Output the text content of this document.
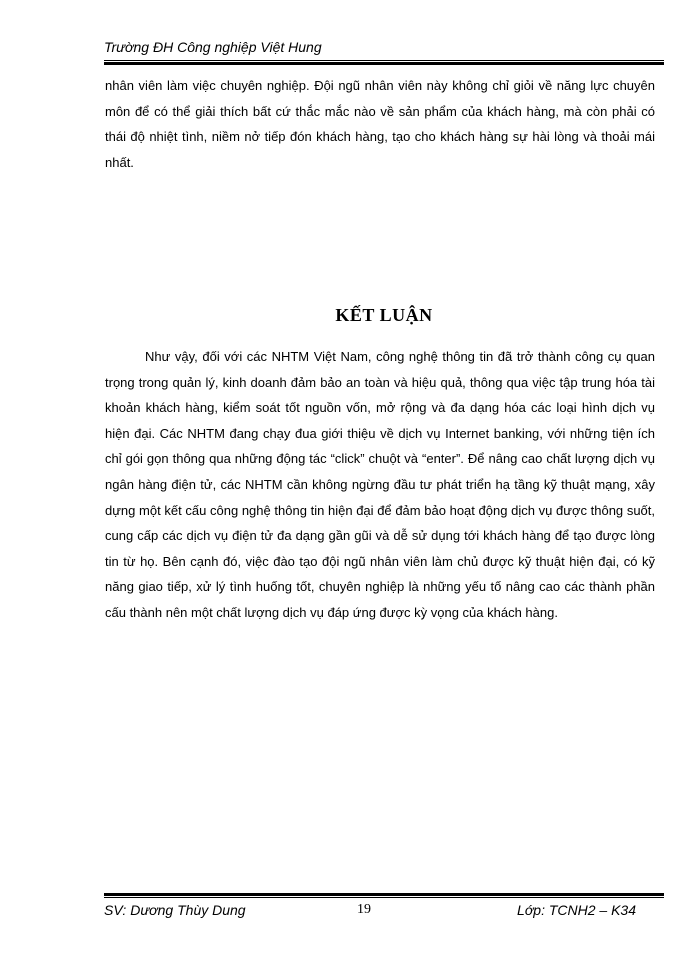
Trường ĐH Công nghiệp Việt Hung

nhân viên làm việc chuyên nghiệp. Đội ngũ nhân viên này không chỉ giỏi về năng lực chuyên môn để có thể giải thích bất cứ thắc mắc nào về sản phẩm của khách hàng, mà còn phải có thái độ nhiệt tình, niềm nở tiếp đón khách hàng, tạo cho khách hàng sự hài lòng và thoải mái nhất.

KẾT LUẬN

Như vậy, đối với các NHTM Việt Nam, công nghệ thông tin đã trở thành công cụ quan trọng trong quản lý, kinh doanh đảm bảo an toàn và hiệu quả, thông qua việc tập trung hóa tài khoản khách hàng, kiểm soát tốt nguồn vốn, mở rộng và đa dạng hóa các loại hình dịch vụ hiện đại. Các NHTM đang chạy đua giới thiệu về dịch vụ Internet banking, với những tiện ích chỉ gói gọn thông qua những động tác “click” chuột và “enter”. Để nâng cao chất lượng dịch vụ ngân hàng điện tử, các NHTM cần không ngừng đầu tư phát triển hạ tầng kỹ thuật mạng, xây dựng một kết cấu công nghệ thông tin hiện đại để đảm bảo hoạt động dịch vụ được thông suốt, cung cấp các dịch vụ điện tử đa dạng gần gũi và dễ sử dụng tới khách hàng để tạo được lòng tin từ họ. Bên cạnh đó, việc đào tạo đội ngũ nhân viên làm chủ được kỹ thuật hiện đại, có kỹ năng giao tiếp, xử lý tình huống tốt, chuyên nghiệp là những yếu tố nâng cao các thành phần cấu thành nên một chất lượng dịch vụ đáp ứng được kỳ vọng của khách hàng.

SV: Dương Thùy Dung	19	Lớp: TCNH2 – K34
